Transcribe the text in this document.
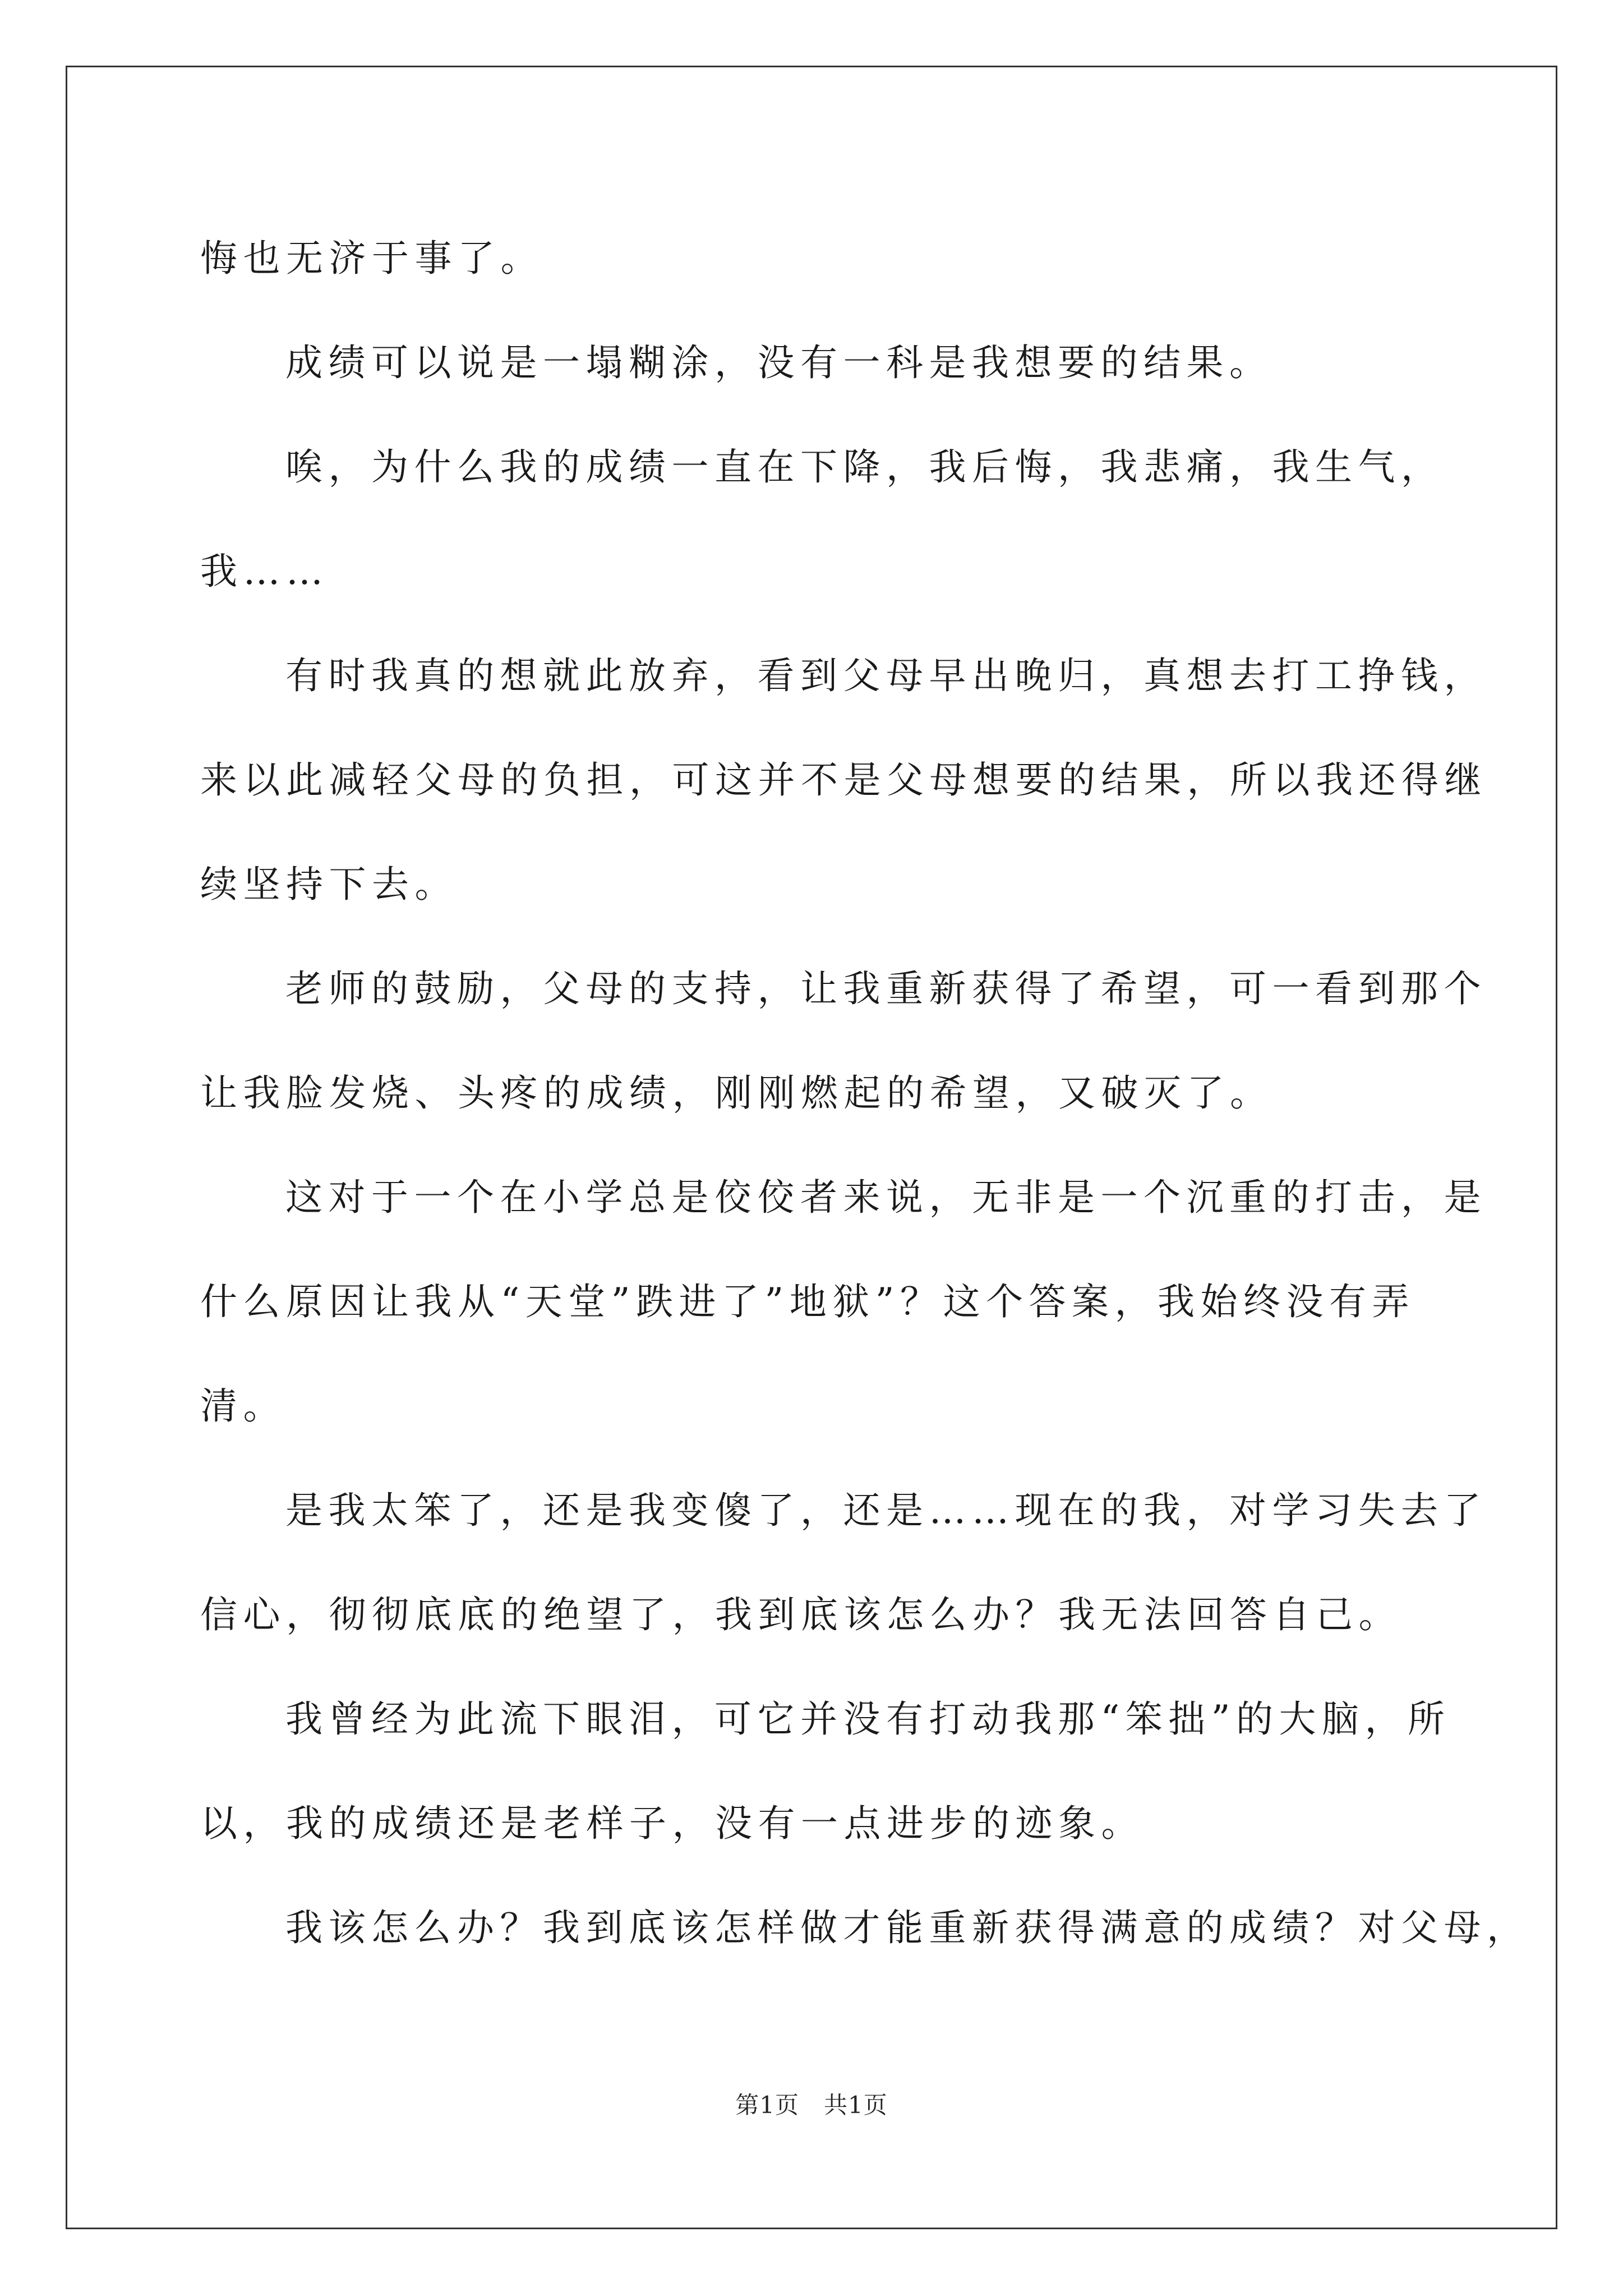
悔也无济于事了。
成绩可以说是一塌糊涂，没有一科是我想要的结果。
唉，为什么我的成绩一直在下降，我后悔，我悲痛，我生气，
我……
有时我真的想就此放弃，看到父母早出晚归，真想去打工挣钱，
来以此减轻父母的负担，可这并不是父母想要的结果，所以我还得继
续坚持下去。
老师的鼓励，父母的支持，让我重新获得了希望，可一看到那个
让我脸发烧、头疼的成绩，刚刚燃起的希望，又破灭了。
这对于一个在小学总是佼佼者来说，无非是一个沉重的打击，是
什么原因让我从“天堂”跌进了”地狱”？这个答案，我始终没有弄
清。
是我太笨了，还是我变傻了，还是……现在的我，对学习失去了
信心，彻彻底底的绝望了，我到底该怎么办？我无法回答自己。
我曾经为此流下眼泪，可它并没有打动我那“笨拙”的大脑，所
以，我的成绩还是老样子，没有一点进步的迹象。
我该怎么办？我到底该怎样做才能重新获得满意的成绩？对父母，
第1页 共1页
